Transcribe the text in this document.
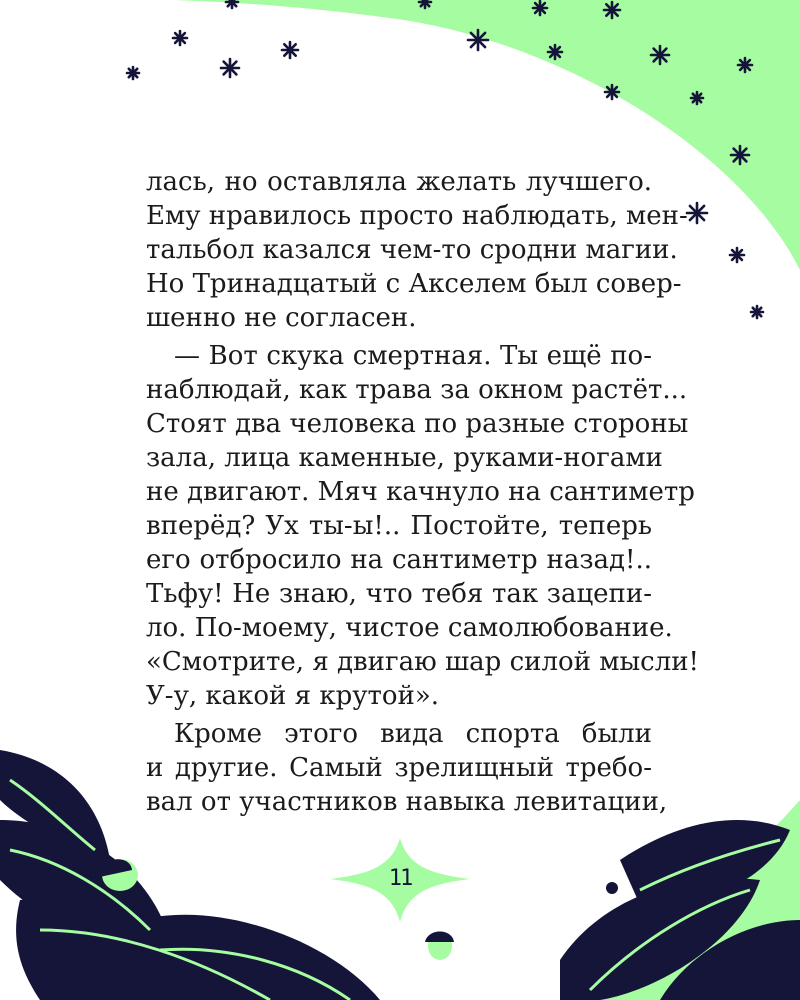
лась, но оставляла желать лучшего.
Ему нравилось просто наблюдать, мен-
тальбол казался чем-то сродни магии.
Но Тринадцатый с Акселем был совер-
шенно не согласен.
— Вот скука смертная. Ты ещё по-
наблюдай, как трава за окном растёт...
Стоят два человека по разные стороны
зала, лица каменные, руками-ногами
не двигают. Мяч качнуло на сантиметр
вперёд? Ух ты-ы!.. Постойте, теперь
его отбросило на сантиметр назад!..
Тьфу! Не знаю, что тебя так зацепи-
ло. По-моему, чистое самолюбование.
«Смотрите, я двигаю шар силой мысли!
У-у, какой я крутой».
Кроме этого вида спорта были
и другие. Самый зрелищный требо-
вал от участников навыка левитации,
11
